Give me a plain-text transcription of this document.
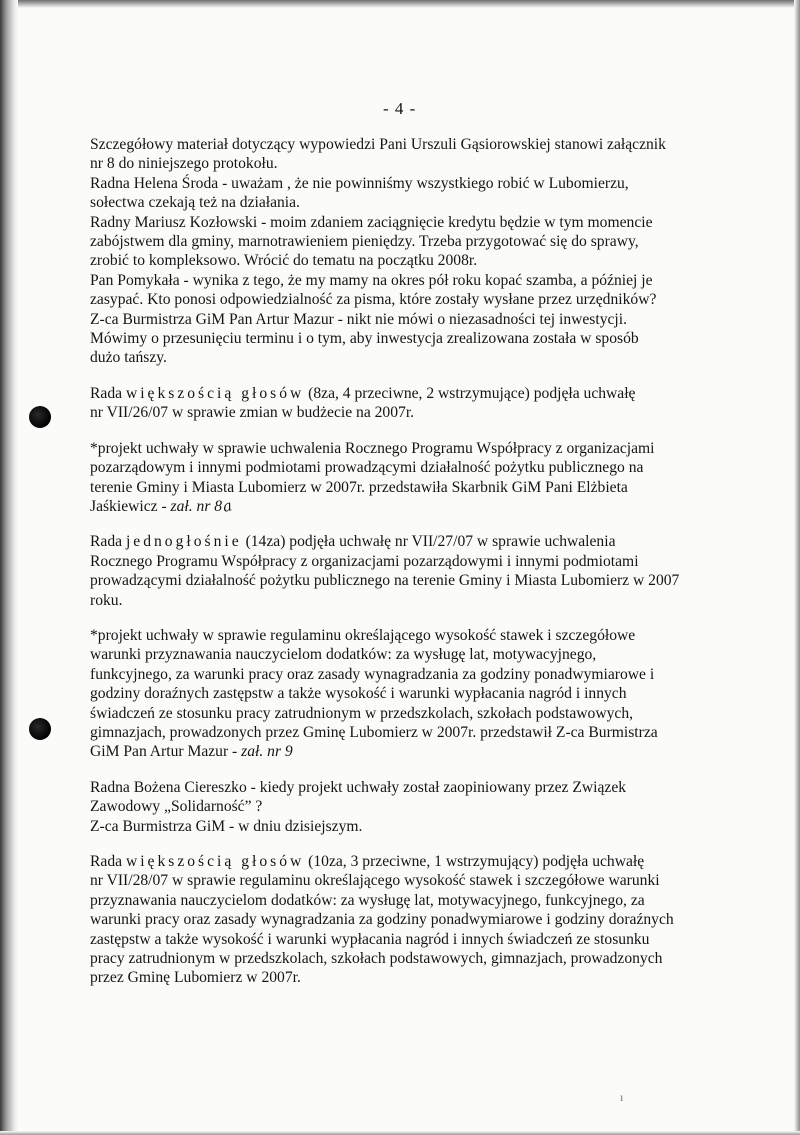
- 4 -
Szczegółowy materiał dotyczący wypowiedzi Pani Urszuli Gąsiorowskiej stanowi załącznik
nr 8 do niniejszego protokołu.
Radna Helena Środa - uważam , że nie powinniśmy wszystkiego robić w Lubomierzu,
sołectwa czekają też na działania.
Radny Mariusz Kozłowski - moim zdaniem zaciągnięcie kredytu będzie w tym momencie
zabójstwem dla gminy, marnotrawieniem pieniędzy. Trzeba przygotować się do sprawy,
zrobić to kompleksowo. Wrócić do tematu na początku 2008r.
Pan Pomykała - wynika z tego, że my mamy na okres pół roku kopać szamba, a później je
zasypać. Kto ponosi odpowiedzialność za pisma, które zostały wysłane przez urzędników?
Z-ca Burmistrza GiM Pan Artur Mazur - nikt nie mówi o niezasadności tej inwestycji.
Mówimy o przesunięciu terminu i o tym, aby inwestycja zrealizowana została w sposób
dużo tańszy.
Rada większością głosów (8za, 4 przeciwne, 2 wstrzymujące) podjęła uchwałę
nr VII/26/07 w sprawie zmian w budżecie na 2007r.
*projekt uchwały w sprawie uchwalenia Rocznego Programu Współpracy z organizacjami
pozarządowym i innymi podmiotami prowadzącymi działalność pożytku publicznego na
terenie Gminy i Miasta Lubomierz w 2007r. przedstawiła Skarbnik GiM Pani Elżbieta
Jaśkiewicz - zał. nr 8a
Rada jednogłośnie (14za) podjęła uchwałę nr VII/27/07 w sprawie uchwalenia
Rocznego Programu Współpracy z organizacjami pozarządowymi i innymi podmiotami
prowadzącymi działalność pożytku publicznego na terenie Gminy i Miasta Lubomierz w 2007
roku.
*projekt uchwały w sprawie regulaminu określającego wysokość stawek i szczegółowe
warunki przyznawania nauczycielom dodatków: za wysługę lat, motywacyjnego,
funkcyjnego, za warunki pracy oraz zasady wynagradzania za godziny ponadwymiarowe i
godziny doraźnych zastępstw a także wysokość i warunki wypłacania nagród i innych
świadczeń ze stosunku pracy zatrudnionym w przedszkolach, szkołach podstawowych,
gimnazjach, prowadzonych przez Gminę Lubomierz w 2007r. przedstawił Z-ca Burmistrza
GiM Pan Artur Mazur - zał. nr 9
Radna Bożena Ciereszko - kiedy projekt uchwały został zaopiniowany przez Związek
Zawodowy „Solidarność” ?
Z-ca Burmistrza GiM - w dniu dzisiejszym.
Rada większością głosów (10za, 3 przeciwne, 1 wstrzymujący) podjęła uchwałę
nr VII/28/07 w sprawie regulaminu określającego wysokość stawek i szczegółowe warunki
przyznawania nauczycielom dodatków: za wysługę lat, motywacyjnego, funkcyjnego, za
warunki pracy oraz zasady wynagradzania za godziny ponadwymiarowe i godziny doraźnych
zastępstw a także wysokość i warunki wypłacania nagród i innych świadczeń ze stosunku
pracy zatrudnionym w przedszkolach, szkołach podstawowych, gimnazjach, prowadzonych
przez Gminę Lubomierz w 2007r.
ı
